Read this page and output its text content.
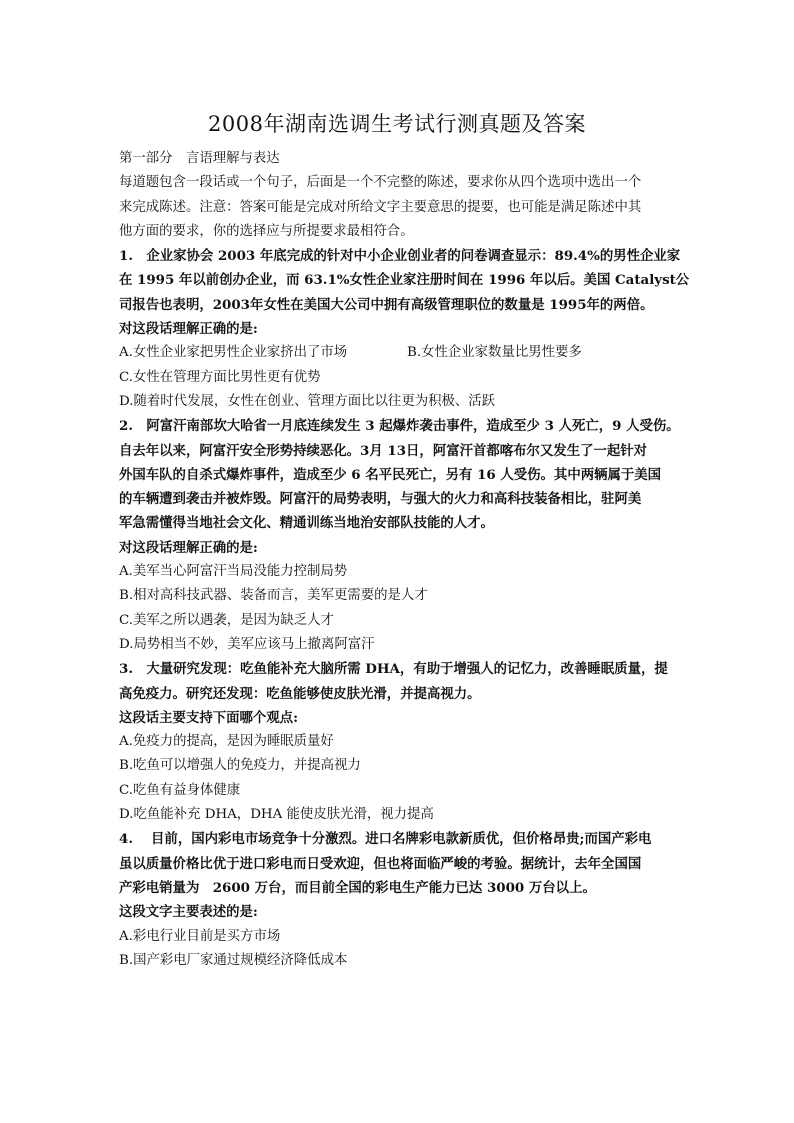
2008年湖南选调生考试行测真题及答案
第一部分　言语理解与表达
每道题包含一段话或一个句子，后面是一个不完整的陈述，要求你从四个选项中选出一个
来完成陈述。注意：答案可能是完成对所给文字主要意思的提要，也可能是满足陈述中其
他方面的要求，你的选择应与所提要求最相符合。
1.　企业家协会 2003 年底完成的针对中小企业创业者的问卷调查显示：89.4%的男性企业家
在 1995 年以前创办企业，而 63.1%女性企业家注册时间在 1996 年以后。美国 Catalyst公
司报告也表明，2003年女性在美国大公司中拥有高级管理职位的数量是 1995年的两倍。
对这段话理解正确的是:
A.女性企业家把男性企业家挤出了市场	B.女性企业家数量比男性要多
C.女性在管理方面比男性更有优势
D.随着时代发展，女性在创业、管理方面比以往更为积极、活跃
2.　阿富汗南部坎大哈省一月底连续发生 3 起爆炸袭击事件，造成至少 3 人死亡，9 人受伤。
自去年以来，阿富汗安全形势持续恶化。3月 13日，阿富汗首都喀布尔又发生了一起针对
外国车队的自杀式爆炸事件，造成至少 6 名平民死亡，另有 16 人受伤。其中两辆属于美国
的车辆遭到袭击并被炸毁。阿富汗的局势表明，与强大的火力和高科技装备相比，驻阿美
军急需懂得当地社会文化、精通训练当地治安部队技能的人才。
对这段话理解正确的是:
A.美军当心阿富汗当局没能力控制局势
B.相对高科技武器、装备而言，美军更需要的是人才
C.美军之所以遇袭，是因为缺乏人才
D.局势相当不妙，美军应该马上撤离阿富汗
3.　大量研究发现：吃鱼能补充大脑所需 DHA，有助于增强人的记忆力，改善睡眠质量，提
高免疫力。研究还发现：吃鱼能够使皮肤光滑，并提高视力。
这段话主要支持下面哪个观点:
A.免疫力的提高，是因为睡眠质量好
B.吃鱼可以增强人的免疫力，并提高视力
C.吃鱼有益身体健康
D.吃鱼能补充 DHA，DHA 能使皮肤光滑，视力提高
4.　 目前，国内彩电市场竞争十分激烈。进口名牌彩电款新质优，但价格昂贵;而国产彩电
虽以质量价格比优于进口彩电而日受欢迎，但也将面临严峻的考验。据统计，去年全国国
产彩电销量为　2600 万台，而目前全国的彩电生产能力已达 3000 万台以上。
这段文字主要表述的是:
A.彩电行业目前是买方市场
B.国产彩电厂家通过规模经济降低成本
